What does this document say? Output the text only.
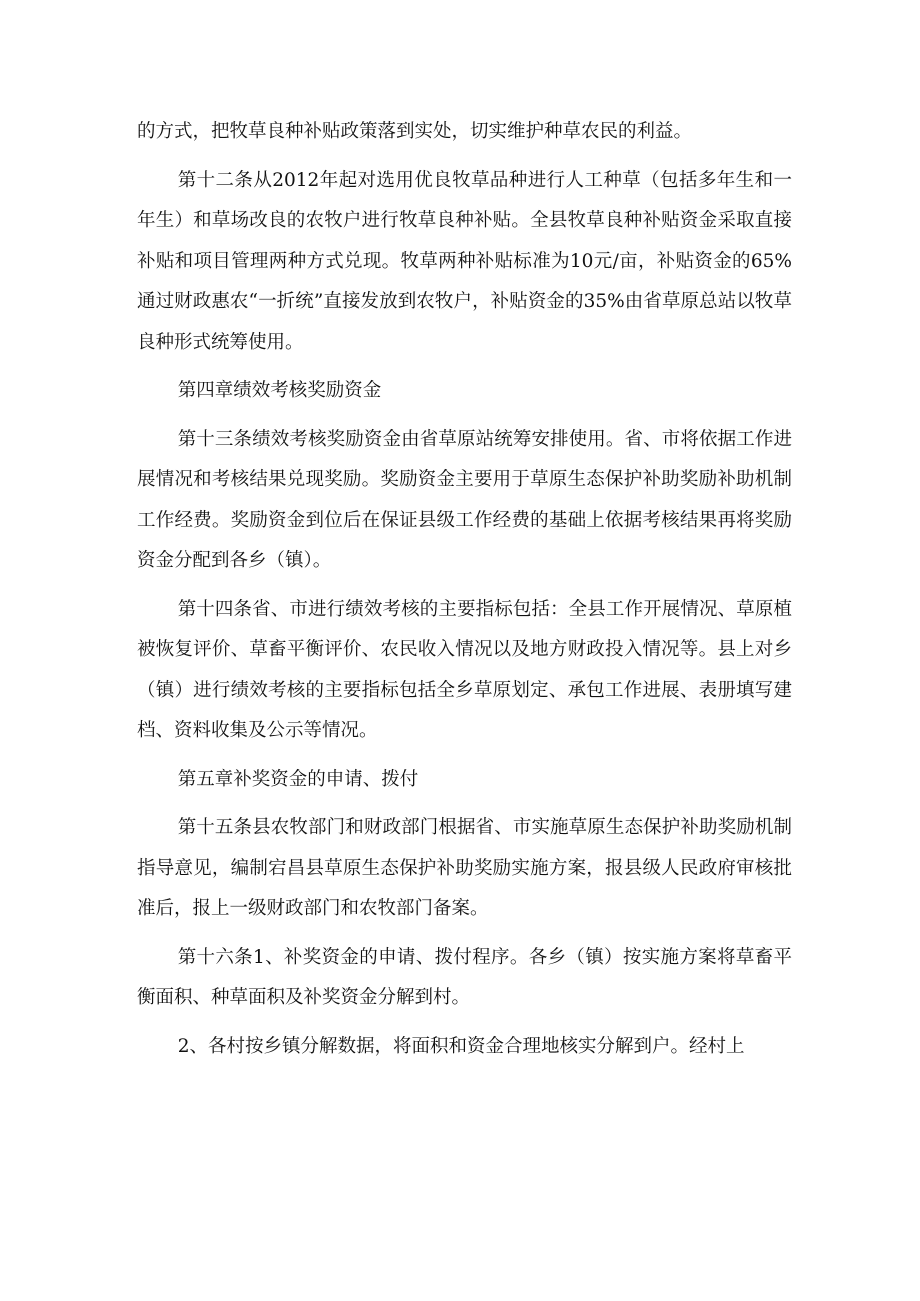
的方式，把牧草良种补贴政策落到实处，切实维护种草农民的利益。

第十二条从2012年起对选用优良牧草品种进行人工种草（包括多年生和一年生）和草场改良的农牧户进行牧草良种补贴。全县牧草良种补贴资金采取直接补贴和项目管理两种方式兑现。牧草两种补贴标准为10元/亩，补贴资金的65%通过财政惠农“一折统”直接发放到农牧户，补贴资金的35%由省草原总站以牧草良种形式统筹使用。

第四章绩效考核奖励资金

第十三条绩效考核奖励资金由省草原站统筹安排使用。省、市将依据工作进展情况和考核结果兑现奖励。奖励资金主要用于草原生态保护补助奖励补助机制工作经费。奖励资金到位后在保证县级工作经费的基础上依据考核结果再将奖励资金分配到各乡（镇）。

第十四条省、市进行绩效考核的主要指标包括：全县工作开展情况、草原植被恢复评价、草畜平衡评价、农民收入情况以及地方财政投入情况等。县上对乡（镇）进行绩效考核的主要指标包括全乡草原划定、承包工作进展、表册填写建档、资料收集及公示等情况。

第五章补奖资金的申请、拨付

第十五条县农牧部门和财政部门根据省、市实施草原生态保护补助奖励机制指导意见，编制宕昌县草原生态保护补助奖励实施方案，报县级人民政府审核批准后，报上一级财政部门和农牧部门备案。

第十六条1、补奖资金的申请、拨付程序。各乡（镇）按实施方案将草畜平衡面积、种草面积及补奖资金分解到村。

2、各村按乡镇分解数据，将面积和资金合理地核实分解到户。经村上
